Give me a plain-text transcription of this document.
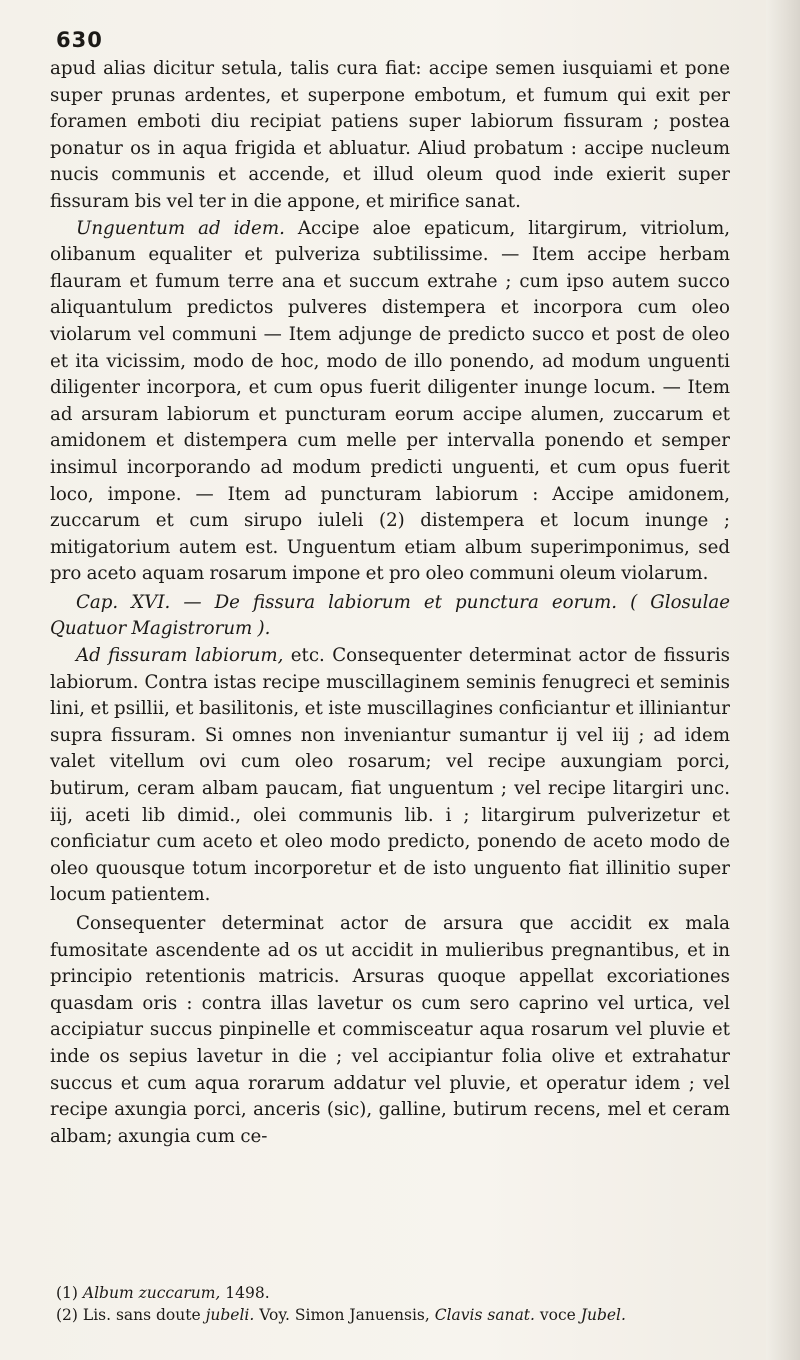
630

apud alias dicitur setula, talis cura fiat: accipe semen iusquiami et pone super prunas ardentes, et superpone embotum, et fumum qui exit per foramen emboti diu recipiat patiens super labiorum fissuram ; postea ponatur os in aqua frigida et abluatur. Aliud probatum : accipe nucleum nucis communis et accende, et illud oleum quod inde exierit super fissuram bis vel ter in die appone, et mirifice sanat.

Unguentum ad idem. Accipe aloe epaticum, litargirum, vitriolum, olibanum equaliter et pulveriza subtilissime. — Item accipe herbam flauram et fumum terre ana et succum extrahe ; cum ipso autem succo aliquantulum predictos pulveres distempera et incorpora cum oleo violarum vel communi — Item adjunge de predicto succo et post de oleo et ita vicissim, modo de hoc, modo de illo ponendo, ad modum unguenti diligenter incorpora, et cum opus fuerit diligenter inunge locum. — Item ad arsuram labiorum et puncturam eorum accipe alumen, zuccarum et amidonem et distempera cum melle per intervalla ponendo et semper insimul incorporando ad modum predicti unguenti, et cum opus fuerit loco, impone. — Item ad puncturam labiorum : Accipe amidonem, zuccarum et cum sirupo iuleli (2) distempera et locum inunge ; mitigatorium autem est. Unguentum etiam album superimponimus, sed pro aceto aquam rosarum impone et pro oleo communi oleum violarum.

Cap. XVI. — De fissura labiorum et punctura eorum. ( Glosulae Quatuor Magistrorum ).

Ad fissuram labiorum, etc. Consequenter determinat actor de fissuris labiorum. Contra istas recipe muscillaginem seminis fenugreci et seminis lini, et psillii, et basilitonis, et iste muscillagines conficiantur et illiniantur supra fissuram. Si omnes non inveniantur sumantur ij vel iij ; ad idem valet vitellum ovi cum oleo rosarum; vel recipe auxungiam porci, butirum, ceram albam paucam, fiat unguentum ; vel recipe litargiri unc. iij, aceti lib dimid., olei communis lib. i ; litargirum pulverizetur et conficiatur cum aceto et oleo modo predicto, ponendo de aceto modo de oleo quousque totum incorporetur et de isto unguento fiat illinitio super locum patientem.

Consequenter determinat actor de arsura que accidit ex mala fumositate ascendente ad os ut accidit in mulieribus pregnantibus, et in principio retentionis matricis. Arsuras quoque appellat excoriationes quasdam oris : contra illas lavetur os cum sero caprino vel urtica, vel accipiatur succus pinpinelle et commisceatur aqua rosarum vel pluvie et inde os sepius lavetur in die ; vel accipiantur folia olive et extrahatur succus et cum aqua rorarum addatur vel pluvie, et operatur idem ; vel recipe axungia porci, anceris (sic), galline, butirum recens, mel et ceram albam; axungia cum ce-

(1) Album zuccarum, 1498.

(2) Lis. sans doute jubeli. Voy. Simon Januensis, Clavis sanat. voce Jubel.
